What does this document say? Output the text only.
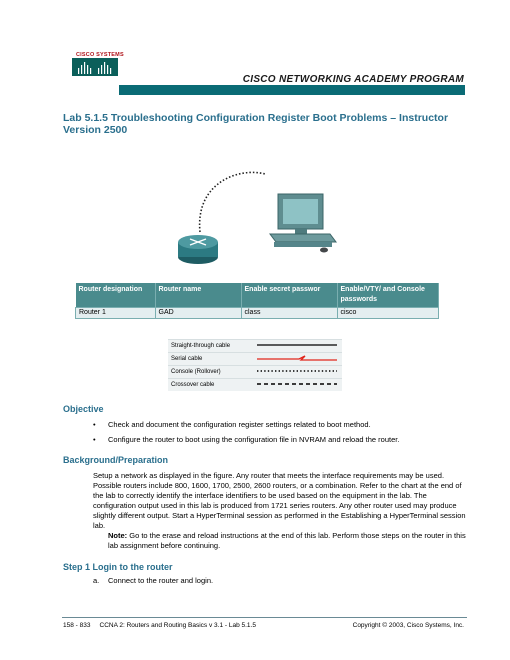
CISCO SYSTEMS
CISCO NETWORKING ACADEMY PROGRAM
Lab 5.1.5 Troubleshooting Configuration Register Boot Problems – Instructor Version 2500
Router designation	Router name	Enable secret passwor	Enable/VTY/ and Console passwords
Router 1	GAD	class	cisco
Straight-through cable	
Serial cable	
Console (Rollover)	
Crossover cable	
Objective
• Check and document the configuration register settings related to boot method.
• Configure the router to boot using the configuration file in NVRAM and reload the router.
Background/Preparation
Setup a network as displayed in the figure. Any router that meets the interface requirements may be used. Possible routers include 800, 1600, 1700, 2500, 2600 routers, or a combination. Refer to the chart at the end of the lab to correctly identify the interface identifiers to be used based on the equipment in the lab. The configuration output used in this lab is produced from 1721 series routers. Any other router used may produce slightly different output. Start a HyperTerminal session as performed in the Establishing a HyperTerminal session lab.
Note: Go to the erase and reload instructions at the end of this lab. Perform those steps on the router in this lab assignment before continuing.
Step 1 Login to the router
a. Connect to the router and login.
158 - 833     CCNA 2: Routers and Routing Basics v 3.1 - Lab 5.1.5	Copyright © 2003, Cisco Systems, Inc.
